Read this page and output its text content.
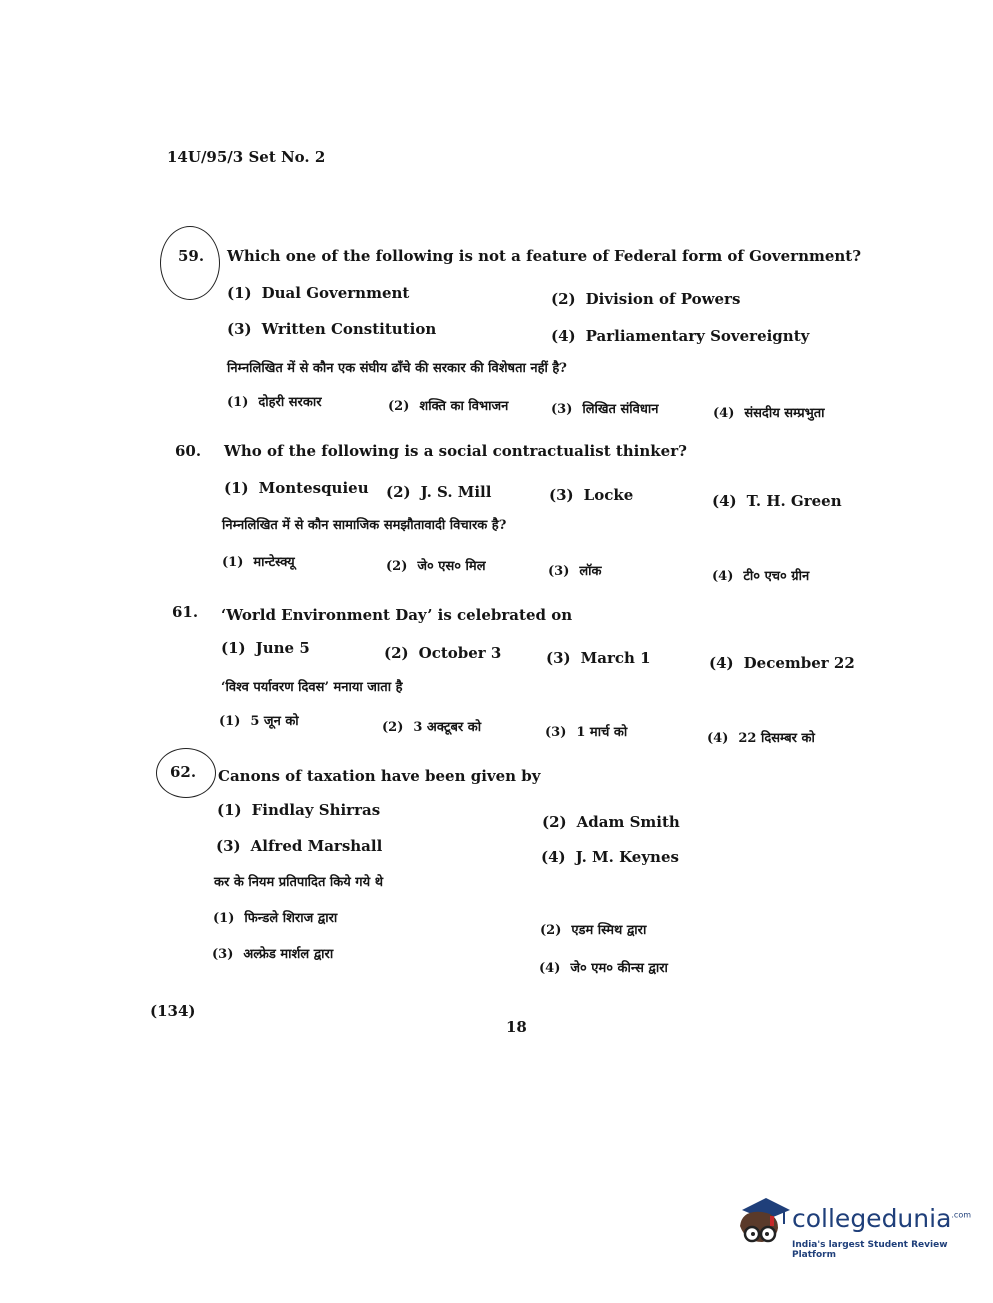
14U/95/3 Set No. 2
59. Which one of the following is not a feature of Federal form of Government?
(1) Dual Government	(2) Division of Powers
(3) Written Constitution	(4) Parliamentary Sovereignty
निम्नलिखित में से कौन एक संघीय ढाँचे की सरकार की विशेषता नहीं है?
(1) दोहरी सरकार	(2) शक्ति का विभाजन	(3) लिखित संविधान	(4) संसदीय सम्प्रभुता
60. Who of the following is a social contractualist thinker?
(1) Montesquieu (2) J. S. Mill	(3) Locke	(4) T. H. Green
निम्नलिखित में से कौन सामाजिक समझौतावादी विचारक है?
(1) मान्टेस्क्यू	(2) जे० एस० मिल	(3) लॉक	(4) टी० एच० ग्रीन
61. ‘World Environment Day’ is celebrated on
(1) June 5	(2) October 3	(3) March 1	(4) December 22
‘विश्व पर्यावरण दिवस’ मनाया जाता है
(1) 5 जून को	(2) 3 अक्टूबर को	(3) 1 मार्च को	(4) 22 दिसम्बर को
62. Canons of taxation have been given by
(1) Findlay Shirras
(2) Adam Smith
(3) Alfred Marshall
(4) J. M. Keynes
कर के नियम प्रतिपादित किये गये थे
(1) फिन्डले शिराज द्वारा
(2) एडम स्मिथ द्वारा
(3) अल्फ्रेड मार्शल द्वारा
(4) जे० एम० कीन्स द्वारा
(134)
18
collegedunia$^{.com}$
India's largest Student Review Platform
